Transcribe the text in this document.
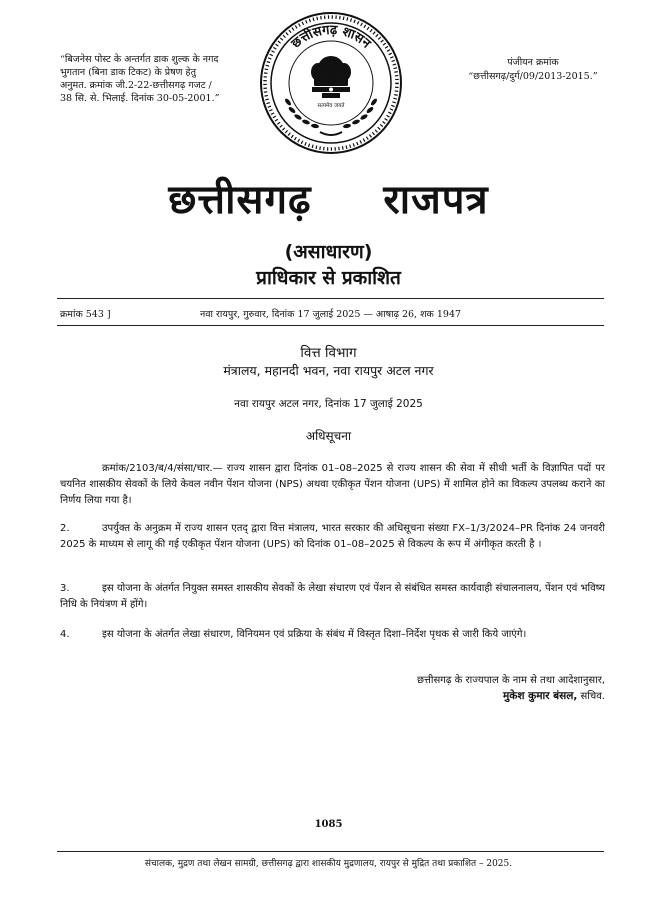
“बिजनेस पोस्ट के अन्तर्गत डाक शुल्क के नगद भुगतान (बिना डाक टिकट) के प्रेषण हेतु अनुमत. क्रमांक जी.2-22-छत्तीसगढ़ गजट / 38 सि. से. भिलाई. दिनांक 30-05-2001.”
पंजीयन क्रमांक
“छत्तीसगढ़/दुर्ग/09/2013-2015.”
छत्तीसगढ़ शासन
सत्यमेव जयते
छत्तीसगढ़ राजपत्र
(असाधारण)
प्राधिकार से प्रकाशित
क्रमांक 543 ]	नवा रायपुर, गुरुवार, दिनांक 17 जुलाई 2025 — आषाढ़ 26, शक 1947
वित्त विभाग
मंत्रालय, महानदी भवन, नवा रायपुर अटल नगर
नवा रायपुर अटल नगर, दिनांक 17 जुलाई 2025
अधिसूचना
क्रमांक/2103/ब/4/संसा/चार.— राज्य शासन द्वारा दिनांक 01–08–2025 से राज्य शासन की सेवा में सीधी भर्ती के विज्ञापित पदों पर चयनित शासकीय सेवकों के लिये केवल नवीन पेंशन योजना (NPS) अथवा एकीकृत पेंशन योजना (UPS) में शामिल होने का विकल्प उपलब्ध कराने का निर्णय लिया गया है।
2.	उपर्युक्त के अनुक्रम में राज्य शासन एतद् द्वारा वित्त मंत्रालय, भारत सरकार की अधिसूचना संख्या FX–1/3/2024–PR दिनांक 24 जनवरी 2025 के माध्यम से लागू की गई एकीकृत पेंशन योजना (UPS) को दिनांक 01–08–2025 से विकल्प के रूप में अंगीकृत करती है ।
3.	इस योजना के अंतर्गत नियुक्त समस्त शासकीय सेवकों के लेखा संधारण एवं पेंशन से संबंधित समस्त कार्यवाही संचालनालय, पेंशन एवं भविष्य निधि के नियंत्रण में होंगे।
4.	इस योजना के अंतर्गत लेखा संधारण, विनियमन एवं प्रक्रिया के संबंध में विस्तृत दिशा–निर्देश पृथक से जारी किये जाएंगे।
छत्तीसगढ़ के राज्यपाल के नाम से तथा आदेशानुसार,
मुकेश कुमार बंसल, सचिव.
1085
संचालक, मुद्रण तथा लेखन सामग्री, छत्तीसगढ़ द्वारा शासकीय मुद्रणालय, रायपुर से मुद्रित तथा प्रकाशित – 2025.
